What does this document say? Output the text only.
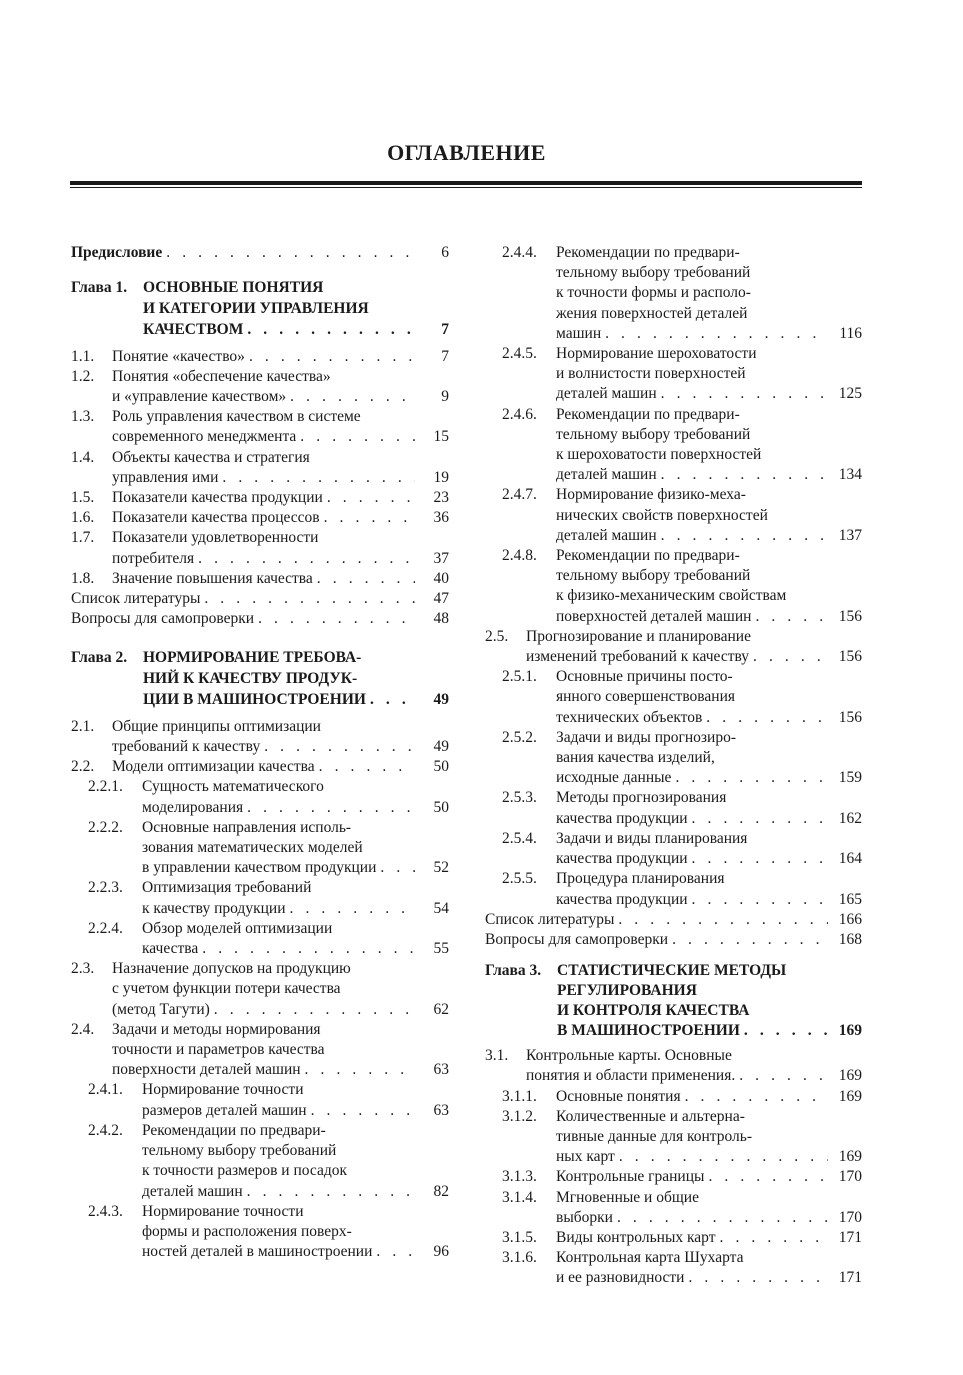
ОГЛАВЛЕНИЕ
Предисловие . . .	6
Глава 1.	ОСНОВНЫЕ ПОНЯТИЯ
И КАТЕГОРИИ УПРАВЛЕНИЯ
КАЧЕСТВОМ . . .	7
1.1.	Понятие «качество» . . .	7
1.2.	Понятия «обеспечение качества»
и «управление качеством» . . .	9
1.3.	Роль управления качеством в системе
современного менеджмента . . .	15
1.4.	Объекты качества и стратегия
управления ими . . .	19
1.5.	Показатели качества продукции . . .	23
1.6.	Показатели качества процессов . . .	36
1.7.	Показатели удовлетворенности
потребителя . . .	37
1.8.	Значение повышения качества . . .	40
Список литературы . . .	47
Вопросы для самопроверки . . .	48
Глава 2.	НОРМИРОВАНИЕ ТРЕБОВА-
НИЙ К КАЧЕСТВУ ПРОДУК-
ЦИИ В МАШИНОСТРОЕНИИ . . .	49
2.1.	Общие принципы оптимизации
требований к качеству . . .	49
2.2.	Модели оптимизации качества . . .	50
2.2.1.	Сущность математического
моделирования . . .	50
2.2.2.	Основные направления исполь-
зования математических моделей
в управлении качеством продукции . . .	52
2.2.3.	Оптимизация требований
к качеству продукции . . .	54
2.2.4.	Обзор моделей оптимизации
качества . . .	55
2.3.	Назначение допусков на продукцию
с учетом функции потери качества
(метод Тагути) . . .	62
2.4.	Задачи и методы нормирования
точности и параметров качества
поверхности деталей машин . . .	63
2.4.1.	Нормирование точности
размеров деталей машин . . .	63
2.4.2.	Рекомендации по предвари-
тельному выбору требований
к точности размеров и посадок
деталей машин . . .	82
2.4.3.	Нормирование точности
формы и расположения поверх-
ностей деталей в машиностроении . . .	96
2.4.4.	Рекомендации по предвари-
тельному выбору требований
к точности формы и располо-
жения поверхностей деталей
машин . . .	116
2.4.5.	Нормирование шероховатости
и волнистости поверхностей
деталей машин . . .	125
2.4.6.	Рекомендации по предвари-
тельному выбору требований
к шероховатости поверхностей
деталей машин . . .	134
2.4.7.	Нормирование физико-меха-
нических свойств поверхностей
деталей машин . . .	137
2.4.8.	Рекомендации по предвари-
тельному выбору требований
к физико-механическим свойствам
поверхностей деталей машин . . .	156
2.5.	Прогнозирование и планирование
изменений требований к качеству . . .	156
2.5.1.	Основные причины посто-
янного совершенствования
технических объектов . . .	156
2.5.2.	Задачи и виды прогнозиро-
вания качества изделий,
исходные данные . . .	159
2.5.3.	Методы прогнозирования
качества продукции . . .	162
2.5.4.	Задачи и виды планирования
качества продукции . . .	164
2.5.5.	Процедура планирования
качества продукции . . .	165
Список литературы . . .	166
Вопросы для самопроверки . . .	168
Глава 3.	СТАТИСТИЧЕСКИЕ МЕТОДЫ
РЕГУЛИРОВАНИЯ
И КОНТРОЛЯ КАЧЕСТВА
В МАШИНОСТРОЕНИИ . . .	169
3.1.	Контрольные карты. Основные
понятия и области применения. . . .	169
3.1.1.	Основные понятия . . .	169
3.1.2.	Количественные и альтерна-
тивные данные для контроль-
ных карт . . .	169
3.1.3.	Контрольные границы . . .	170
3.1.4.	Мгновенные и общие
выборки . . .	170
3.1.5.	Виды контрольных карт . . .	171
3.1.6.	Контрольная карта Шухарта
и ее разновидности . . .	171
